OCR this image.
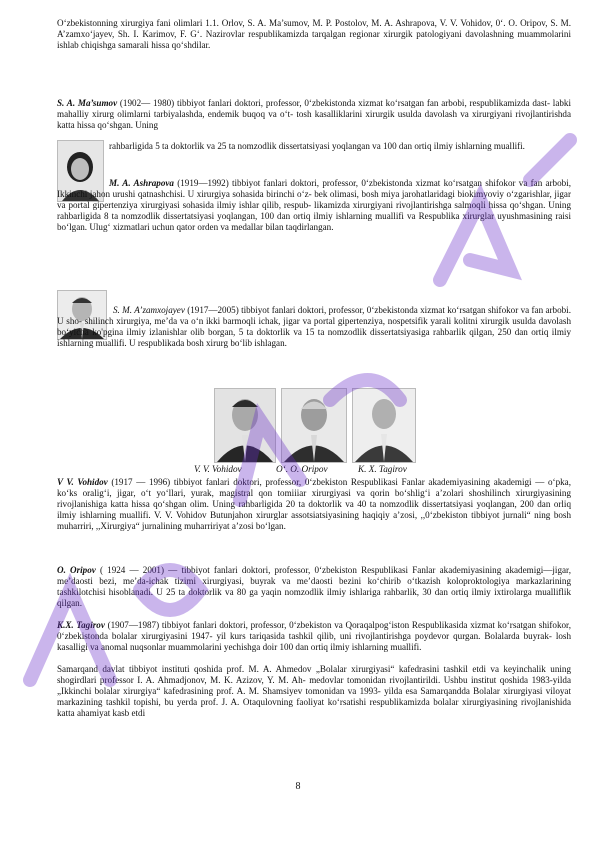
O‘zbekistonning xirurgiya fani olimlari 1.1. Orlov, S. A. Ma’sumov, M. P. Postolov, M. A. Ashrapova, V. V. Vohidov, 0‘. O. Oripov, S. M. A’zamxo‘jayev, Sh. I. Karimov, F. G‘. Nazirovlar respublikamizda tarqalgan regionar xirurgik patologiyani davolashning muammolarini ishlab chiqishga samarali hissa qo‘shdilar.

S. A. Ma’sumov (1902— 1980) tibbiyot fanlari doktori, professor, 0‘zbekistonda xizmat ko‘rsatgan fan arbobi, respublikamizda dast- labki mahalliy xirurg olimlarni tarbiyalashda, endemik buqoq va o‘t- tosh kasalliklarini xirurgik usulda davolash va xirurgiyani rivojlantirishda katta hissa qo‘shgan. Uning

rahbarligida 5 ta doktorlik va 25 ta nomzodlik dissertatsiyasi yoqlangan va 100 dan ortiq ilmiy ishlarning muallifi.

M. A. Ashrapova (1919—1992) tibbiyot fanlari doktori, professor, 0‘zbekistonda xizmat ko‘rsatgan shifokor va fan arbobi, Ikkinchi jahon urushi qatnashchisi. U xirurgiya sohasida birinchi o‘z- bek olimasi, bosh miya jarohatlaridagi biokimyoviy o‘zgarishlar, jigar va portal gipertenziya xirurgiyasi sohasida ilmiy ishlar qilib, respub- likamizda xirurgiyani rivojlantirishga salmoqli hissa qo‘shgan. Uning rahbarligida 8 ta nomzodlik dissertatsiyasi yoqlangan, 100 dan ortiq ilmiy ishlarning muallifi va Respublika xirurglar uyushmasining raisi bo‘lgan. Ulug‘ xizmatlari uchun qator orden va medallar bilan taqdirlangan.

S. M. A’zamxojayev (1917—2005) tibbiyot fanlari doktori, professor, 0‘zbekistonda xizmat ko‘rsatgan shifokor va fan arbobi. U sho- shilinch xirurgiya, me’da va o‘n ikki barmoqli ichak, jigar va portal gipertenziya, nospetsifik yarali kolitni xirurgik usulda davolash bo‘yicha ko'pgina ilmiy izlanishlar olib borgan, 5 ta doktorlik va 15 ta nomzodlik dissertatsiyasiga rahbarlik qilgan, 250 dan ortiq ilmiy ishlarning muallifi. U respublikada bosh xirurg bo‘lib ishlagan.

V. V. Vohidov	O‘. O. Oripov	K. X. Tagirov

V V. Vohidov (1917 — 1996) tibbiyot fanlari doktori, professor, 0‘zbekiston Respublikasi Fanlar akademiyasining akademigi — o‘pka, ko‘ks oralig‘i, jigar, o‘t yo‘llari, yurak, magistral qon tomiiiar xirurgiyasi va qorin bo‘shlig‘i a’zolari shoshilinch xirurgiyasining rivojlanishiga katta hissa qo‘shgan olim. Uning rahbarligida 20 ta doktorlik va 40 ta nomzodlik dissertatsiyasi yoqlangan, 200 dan orliq ilmiy ishlarning muallifi. V. V. Vohidov Butunjahon xirurglar assotsiatsiyasining haqiqiy a’zosi, ,,0‘zbekiston tibbiyot jurnali“ ning bosh muharriri, ,,Xirurgiya“ jurnalining muharririyat a’zosi bo‘lgan.

O. Oripov ( 1924 — 2001) — tibbiyot fanlari doktori, professor, 0‘zbekiston Respublikasi Fanlar akademiyasining akademigi—jigar, me’daosti bezi, me’da-ichak tizimi xirurgiyasi, buyrak va me’daosti bezini ko‘chirib o‘tkazish koloproktologiya markazlarining tashkilotchisi hisoblanadi. U 25 ta doktorlik va 80 ga yaqin nomzodlik ilmiy ishlariga rahbarlik, 30 dan ortiq ilmiy ixtirolarga mualliflik qilgan.

K.X. Tagirov (1907—1987) tibbiyot fanlari doktori, professor, 0‘zbekiston va Qoraqalpog‘iston Respublikasida xizmat ko‘rsatgan shifokor, 0‘zbekistonda bolalar xirurgiyasini 1947- yil kurs tariqasida tashkil qilib, uni rivojlantirishga poydevor qurgan. Bolalarda buyrak- losh kasalligi va anomal nuqsonlar muammolarini yechishga doir 100 dan ortiq ilmiy ishlarning muallifi.

Samarqand davlat tibbiyot instituti qoshida prof. M. A. Ahmedov „Bolalar xirurgiyasi“ kafedrasini tashkil etdi va keyinchalik uning shogirdlari professor I. A. Ahmadjonov, M. K. Azizov, Y. M. Ah- medovlar tomonidan rivojlantirildi. Ushbu institut qoshida 1983-yilda „Ikkinchi bolalar xirurgiya“ kafedrasining prof. A. M. Shamsiyev tomonidan va 1993- yilda esa Samarqandda Bolalar xirurgiyasi viloyat markazining tashkil topishi, bu yerda prof. J. A. Otaqulovning faoliyat ko‘rsatishi respublikamizda bolalar xirurgiyasining rivojlanishida katta ahamiyat kasb etdi

8
